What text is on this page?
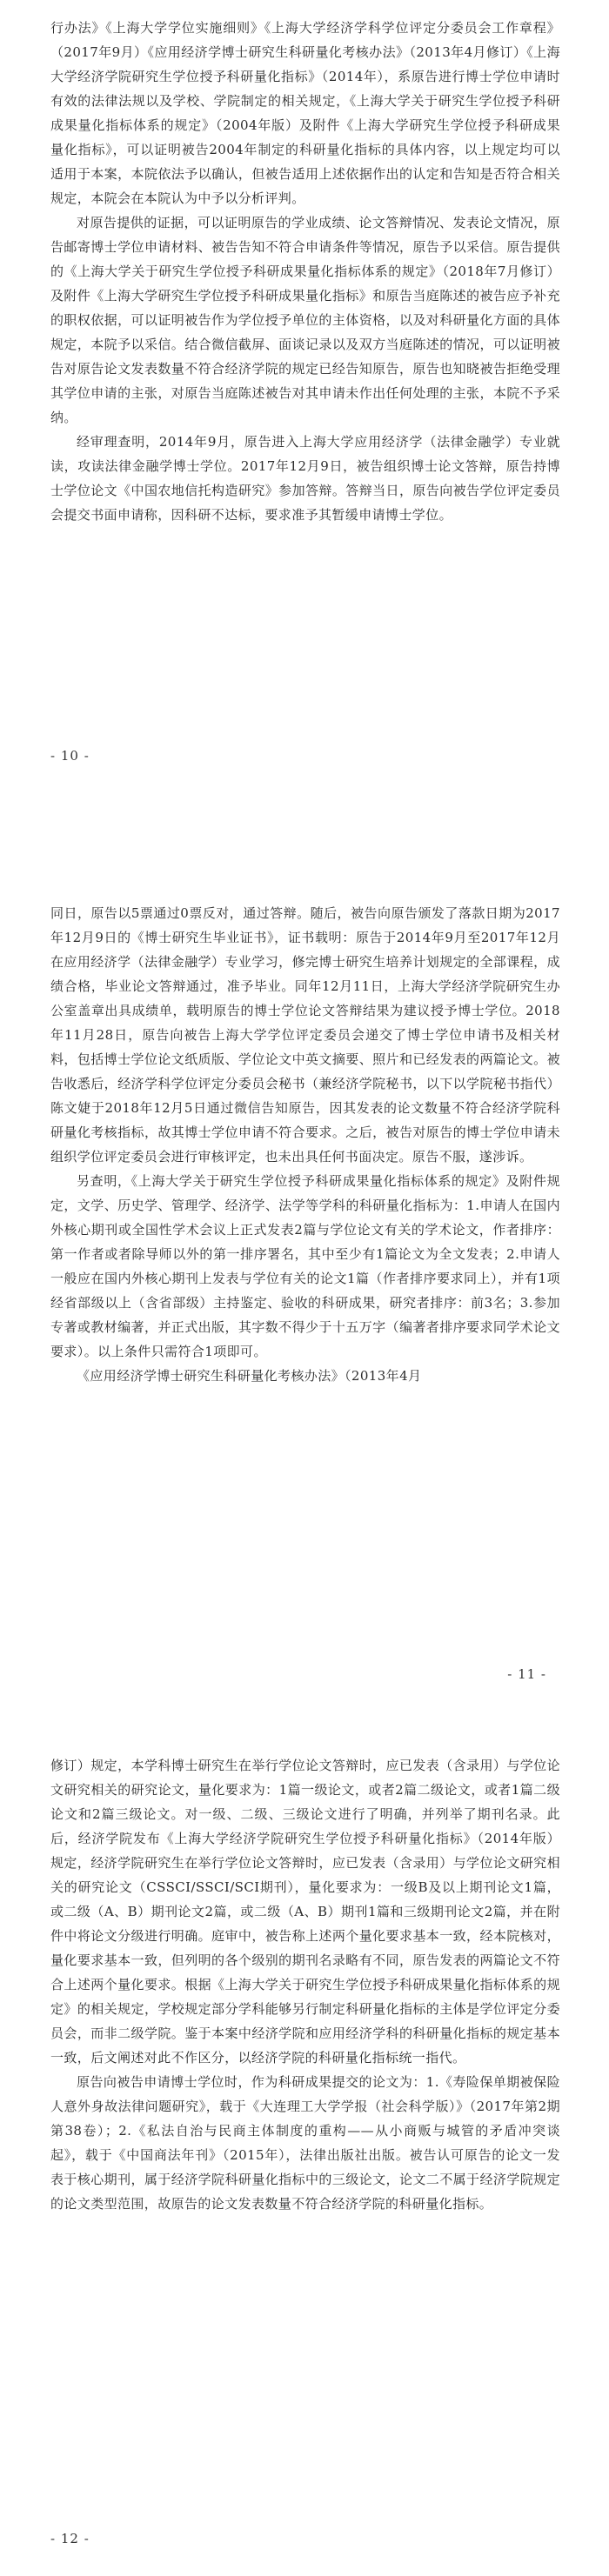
行办法》《上海大学学位实施细则》《上海大学经济学科学位评定分委员会工作章程》（2017年9月）《应用经济学博士研究生科研量化考核办法》（2013年4月修订）《上海大学经济学院研究生学位授予科研量化指标》（2014年），系原告进行博士学位申请时有效的法律法规以及学校、学院制定的相关规定，《上海大学关于研究生学位授予科研成果量化指标体系的规定》（2004年版）及附件《上海大学研究生学位授予科研成果量化指标》，可以证明被告2004年制定的科研量化指标的具体内容，以上规定均可以适用于本案，本院依法予以确认，但被告适用上述依据作出的认定和告知是否符合相关规定，本院会在本院认为中予以分析评判。

对原告提供的证据，可以证明原告的学业成绩、论文答辩情况、发表论文情况，原告邮寄博士学位申请材料、被告告知不符合申请条件等情况，原告予以采信。原告提供的《上海大学关于研究生学位授予科研成果量化指标体系的规定》（2018年7月修订）及附件《上海大学研究生学位授予科研成果量化指标》和原告当庭陈述的被告应予补充的职权依据，可以证明被告作为学位授予单位的主体资格，以及对科研量化方面的具体规定，本院予以采信。结合微信截屏、面谈记录以及双方当庭陈述的情况，可以证明被告对原告论文发表数量不符合经济学院的规定已经告知原告，原告也知晓被告拒绝受理其学位申请的主张，对原告当庭陈述被告对其申请未作出任何处理的主张，本院不予采纳。

经审理查明，2014年9月，原告进入上海大学应用经济学（法律金融学）专业就读，攻读法律金融学博士学位。2017年12月9日，被告组织博士论文答辩，原告持博士学位论文《中国农地信托构造研究》参加答辩。答辩当日，原告向被告学位评定委员会提交书面申请称，因科研不达标，要求准予其暂缓申请博士学位。

- 10 -

同日，原告以5票通过0票反对，通过答辩。随后，被告向原告颁发了落款日期为2017年12月9日的《博士研究生毕业证书》，证书载明：原告于2014年9月至2017年12月在应用经济学（法律金融学）专业学习，修完博士研究生培养计划规定的全部课程，成绩合格，毕业论文答辩通过，准予毕业。同年12月11日，上海大学经济学院研究生办公室盖章出具成绩单，载明原告的博士学位论文答辩结果为建议授予博士学位。2018年11月28日，原告向被告上海大学学位评定委员会递交了博士学位申请书及相关材料，包括博士学位论文纸质版、学位论文中英文摘要、照片和已经发表的两篇论文。被告收悉后，经济学科学位评定分委员会秘书（兼经济学院秘书，以下以学院秘书指代）陈文婕于2018年12月5日通过微信告知原告，因其发表的论文数量不符合经济学院科研量化考核指标，故其博士学位申请不符合要求。之后，被告对原告的博士学位申请未组织学位评定委员会进行审核评定，也未出具任何书面决定。原告不服，遂涉诉。

另查明，《上海大学关于研究生学位授予科研成果量化指标体系的规定》及附件规定，文学、历史学、管理学、经济学、法学等学科的科研量化指标为：1.申请人在国内外核心期刊或全国性学术会议上正式发表2篇与学位论文有关的学术论文，作者排序：第一作者或者除导师以外的第一排序署名，其中至少有1篇论文为全文发表；2.申请人一般应在国内外核心期刊上发表与学位有关的论文1篇（作者排序要求同上），并有1项经省部级以上（含省部级）主持鉴定、验收的科研成果，研究者排序：前3名；3.参加专著或教材编著，并正式出版，其字数不得少于十五万字（编著者排序要求同学术论文要求）。以上条件只需符合1项即可。

《应用经济学博士研究生科研量化考核办法》（2013年4月

- 11 -

修订）规定，本学科博士研究生在举行学位论文答辩时，应已发表（含录用）与学位论文研究相关的研究论文，量化要求为：1篇一级论文，或者2篇二级论文，或者1篇二级论文和2篇三级论文。对一级、二级、三级论文进行了明确，并列举了期刊名录。此后，经济学院发布《上海大学经济学院研究生学位授予科研量化指标》（2014年版）规定，经济学院研究生在举行学位论文答辩时，应已发表（含录用）与学位论文研究相关的研究论文（CSSCI/SSCI/SCI期刊），量化要求为：一级B及以上期刊论文1篇，或二级（A、B）期刊论文2篇，或二级（A、B）期刊1篇和三级期刊论文2篇，并在附件中将论文分级进行明确。庭审中，被告称上述两个量化要求基本一致，经本院核对，量化要求基本一致，但列明的各个级别的期刊名录略有不同，原告发表的两篇论文不符合上述两个量化要求。根据《上海大学关于研究生学位授予科研成果量化指标体系的规定》的相关规定，学校规定部分学科能够另行制定科研量化指标的主体是学位评定分委员会，而非二级学院。鉴于本案中经济学院和应用经济学科的科研量化指标的规定基本一致，后文阐述对此不作区分，以经济学院的科研量化指标统一指代。

原告向被告申请博士学位时，作为科研成果提交的论文为：1.《寿险保单期被保险人意外身故法律问题研究》，载于《大连理工大学学报（社会科学版）》（2017年第2期第38卷）；2.《私法自治与民商主体制度的重构——从小商贩与城管的矛盾冲突谈起》，载于《中国商法年刊》（2015年），法律出版社出版。被告认可原告的论文一发表于核心期刊，属于经济学院科研量化指标中的三级论文，论文二不属于经济学院规定的论文类型范围，故原告的论文发表数量不符合经济学院的科研量化指标。

- 12 -
